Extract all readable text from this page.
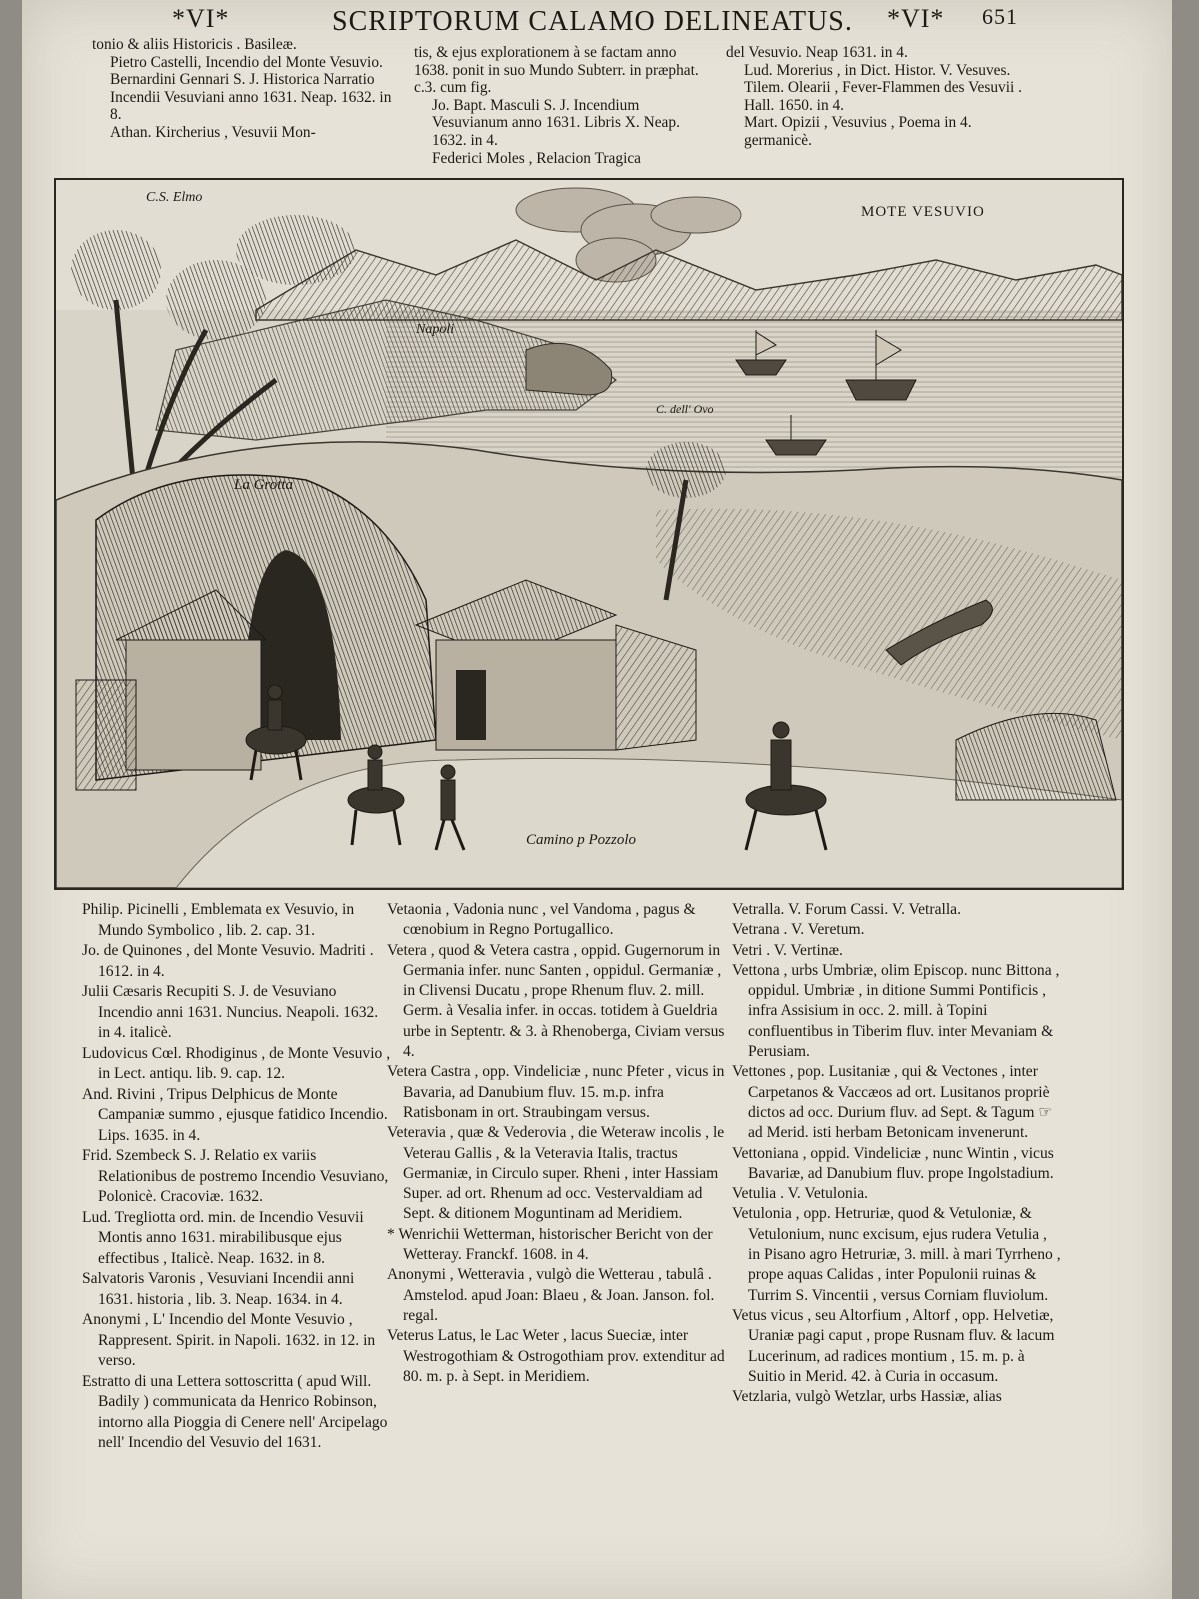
*VI*	SCRIPTORUM CALAMO DELINEATUS. *VI* 651

tonio & aliis Historicis . Basileæ.

Pietro Castelli, Incendio del Monte Vesuvio.

Bernardini Gennari S. J. Historica Narratio Incendii Vesuviani anno 1631. Neap. 1632. in 8.

Athan. Kircherius , Vesuvii Mon-

tis, & ejus explorationem à se factam anno 1638. ponit in suo Mundo Subterr. in præphat. c.3. cum fig.

Jo. Bapt. Masculi S. J. Incendium Vesuvianum anno 1631. Libris X. Neap. 1632. in 4.

Federici Moles , Relacion Tragica

del Vesuvio. Neap 1631. in 4.

Lud. Morerius , in Dict. Histor. V. Vesuves.

Tilem. Olearii , Fever-Flammen des Vesuvii . Hall. 1650. in 4.

Mart. Opizii , Vesuvius , Poema in 4. germanicè.

C.S. Elmo
MOTE VESUVIO
Napoli
C. dell' Ovo
La Grotta
Camino p Pozzolo

Philip. Picinelli , Emblemata ex Vesuvio, in Mundo Symbolico , lib. 2. cap. 31.

Jo. de Quinones , del Monte Vesuvio. Madriti . 1612. in 4.

Julii Cæsaris Recupiti S. J. de Vesuviano Incendio anni 1631. Nuncius. Neapoli. 1632. in 4. italicè.

Ludovicus Cœl. Rhodiginus , de Monte Vesuvio , in Lect. antiqu. lib. 9. cap. 12.

And. Rivini , Tripus Delphicus de Monte Campaniæ summo , ejusque fatidico Incendio. Lips. 1635. in 4.

Frid. Szembeck S. J. Relatio ex variis Relationibus de postremo Incendio Vesuviano, Polonicè. Cracoviæ. 1632.

Lud. Tregliotta ord. min. de Incendio Vesuvii Montis anno 1631. mirabilibusque ejus effectibus , Italicè. Neap. 1632. in 8.

Salvatoris Varonis , Vesuviani Incendii anni 1631. historia , lib. 3. Neap. 1634. in 4.

Anonymi , L' Incendio del Monte Vesuvio , Rappresent. Spirit. in Napoli. 1632. in 12. in verso.

Estratto di una Lettera sottoscritta ( apud Will. Badily ) communicata da Henrico Robinson, intorno alla Pioggia di Cenere nell' Arcipelago nell' Incendio del Vesuvio del 1631.

Vetaonia , Vadonia nunc , vel Vandoma , pagus & cœnobium in Regno Portugallico.

Vetera , quod & Vetera castra , oppid. Gugernorum in Germania infer. nunc Santen , oppidul. Germaniæ , in Clivensi Ducatu , prope Rhenum fluv. 2. mill. Germ. à Vesalia infer. in occas. totidem à Gueldria urbe in Septentr. & 3. à Rhenoberga, Civiam versus 4.

Vetera Castra , opp. Vindeliciæ , nunc Pfeter , vicus in Bavaria, ad Danubium fluv. 15. m.p. infra Ratisbonam in ort. Straubingam versus.

Veteravia , quæ & Vederovia , die Weteraw incolis , le Veterau Gallis , & la Veteravia Italis, tractus Germaniæ, in Circulo super. Rheni , inter Hassiam Super. ad ort. Rhenum ad occ. Vestervaldiam ad Sept. & ditionem Moguntinam ad Meridiem.

* Wenrichii Wetterman, historischer Bericht von der Wetteray. Franckf. 1608. in 4.

Anonymi , Wetteravia , vulgò die Wetterau , tabulâ . Amstelod. apud Joan: Blaeu , & Joan. Janson. fol. regal.

Veterus Latus, le Lac Weter , lacus Sueciæ, inter Westrogothiam & Ostrogothiam prov. extenditur ad 80. m. p. à Sept. in Meridiem.

Vetralla. V. Forum Cassi. V. Vetralla.

Vetrana . V. Veretum.

Vetri . V. Vertinæ.

Vettona , urbs Umbriæ, olim Episcop. nunc Bittona , oppidul. Umbriæ , in ditione Summi Pontificis , infra Assisium in occ. 2. mill. à Topini confluentibus in Tiberim fluv. inter Mevaniam & Perusiam.

Vettones , pop. Lusitaniæ , qui & Vectones , inter Carpetanos & Vaccæos ad ort. Lusitanos propriè dictos ad occ. Durium fluv. ad Sept. & Tagum ☞ ad Merid. isti herbam Betonicam invenerunt.

Vettoniana , oppid. Vindeliciæ , nunc Wintin , vicus Bavariæ, ad Danubium fluv. prope Ingolstadium.

Vetulia . V. Vetulonia.

Vetulonia , opp. Hetruriæ, quod & Vetuloniæ, & Vetulonium, nunc excisum, ejus rudera Vetulia , in Pisano agro Hetruriæ, 3. mill. à mari Tyrrheno , prope aquas Calidas , inter Populonii ruinas & Turrim S. Vincentii , versus Corniam fluviolum.

Vetus vicus , seu Altorfium , Altorf , opp. Helvetiæ, Uraniæ pagi caput , prope Rusnam fluv. & lacum Lucerinum, ad radices montium , 15. m. p. à Suitio in Merid. 42. à Curia in occasum.

Vetzlaria, vulgò Wetzlar, urbs Hassiæ, alias
